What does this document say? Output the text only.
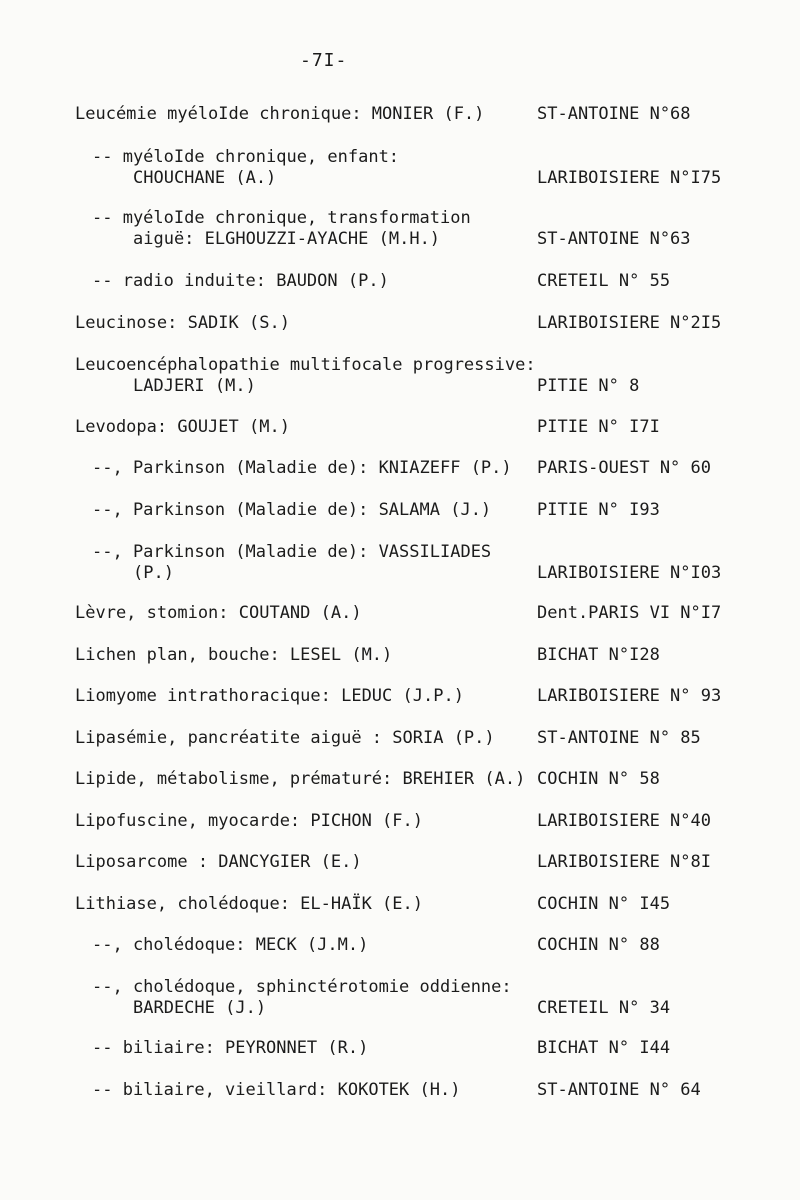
-7I-
Leucémie myéloIde chronique: MONIER (F.)	ST-ANTOINE N°68
-- myéloIde chronique, enfant:
CHOUCHANE (A.)	LARIBOISIERE N°I75
-- myéloIde chronique, transformation
aiguë: ELGHOUZZI-AYACHE (M.H.)	ST-ANTOINE N°63
-- radio induite: BAUDON (P.)	CRETEIL N° 55
Leucinose: SADIK (S.)	LARIBOISIERE N°2I5
Leucoencéphalopathie multifocale progressive:
LADJERI (M.)	PITIE N° 8
Levodopa: GOUJET (M.)	PITIE N° I7I
--, Parkinson (Maladie de): KNIAZEFF (P.) PARIS-OUEST N° 60
--, Parkinson (Maladie de): SALAMA (J.)	PITIE N° I93
--, Parkinson (Maladie de): VASSILIADES
(P.)	LARIBOISIERE N°I03
Lèvre, stomion: COUTAND (A.)	Dent.PARIS VI N°I7
Lichen plan, bouche: LESEL (M.)	BICHAT N°I28
Liomyome intrathoracique: LEDUC (J.P.)	LARIBOISIERE N° 93
Lipasémie, pancréatite aiguë : SORIA (P.) ST-ANTOINE N° 85
Lipide, métabolisme, prématuré: BREHIER (A.) COCHIN N° 58
Lipofuscine, myocarde: PICHON (F.)	LARIBOISIERE N°40
Liposarcome : DANCYGIER (E.)	LARIBOISIERE N°8I
Lithiase, cholédoque: EL-HAÏK (E.)	COCHIN N° I45
--, cholédoque: MECK (J.M.)	COCHIN N° 88
--, cholédoque, sphinctérotomie oddienne:
BARDECHE (J.)	CRETEIL N° 34
-- biliaire: PEYRONNET (R.)	BICHAT N° I44
-- biliaire, vieillard: KOKOTEK (H.)	ST-ANTOINE N° 64
